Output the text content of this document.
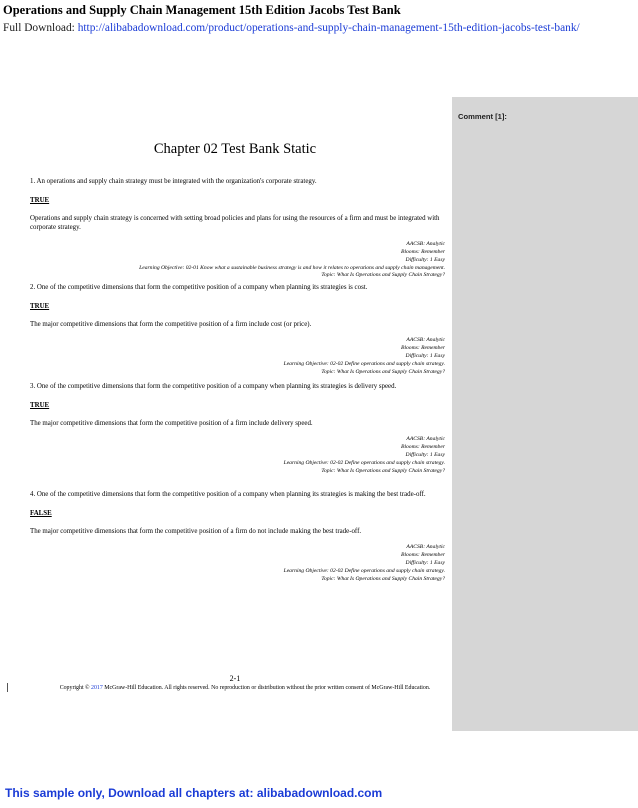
Operations and Supply Chain Management 15th Edition Jacobs Test Bank
Full Download: http://alibabadownload.com/product/operations-and-supply-chain-management-15th-edition-jacobs-test-bank/
Comment [1]:
Chapter 02 Test Bank Static

1. An operations and supply chain strategy must be integrated with the organization's corporate strategy.

TRUE

Operations and supply chain strategy is concerned with setting broad policies and plans for using the resources of a firm and must be integrated with corporate strategy.

AACSB: Analytic
Blooms: Remember
Difficulty: 1 Easy
Learning Objective: 02-01 Know what a sustainable business strategy is and how it relates to operations and supply chain management.
Topic: What Is Operations and Supply Chain Strategy?

2. One of the competitive dimensions that form the competitive position of a company when planning its strategies is cost.

TRUE

The major competitive dimensions that form the competitive position of a firm include cost (or price).

AACSB: Analytic
Blooms: Remember
Difficulty: 1 Easy
Learning Objective: 02-02 Define operations and supply chain strategy.
Topic: What Is Operations and Supply Chain Strategy?

3. One of the competitive dimensions that form the competitive position of a company when planning its strategies is delivery speed.

TRUE

The major competitive dimensions that form the competitive position of a firm include delivery speed.

AACSB: Analytic
Blooms: Remember
Difficulty: 1 Easy
Learning Objective: 02-02 Define operations and supply chain strategy.
Topic: What Is Operations and Supply Chain Strategy?

4. One of the competitive dimensions that form the competitive position of a company when planning its strategies is making the best trade-off.

FALSE

The major competitive dimensions that form the competitive position of a firm do not include making the best trade-off.

AACSB: Analytic
Blooms: Remember
Difficulty: 1 Easy
Learning Objective: 02-02 Define operations and supply chain strategy.
Topic: What Is Operations and Supply Chain Strategy?
2-1
Copyright © 2017 McGraw-Hill Education. All rights reserved. No reproduction or distribution without the prior written consent of McGraw-Hill Education.
This sample only, Download all chapters at: alibabadownload.com
